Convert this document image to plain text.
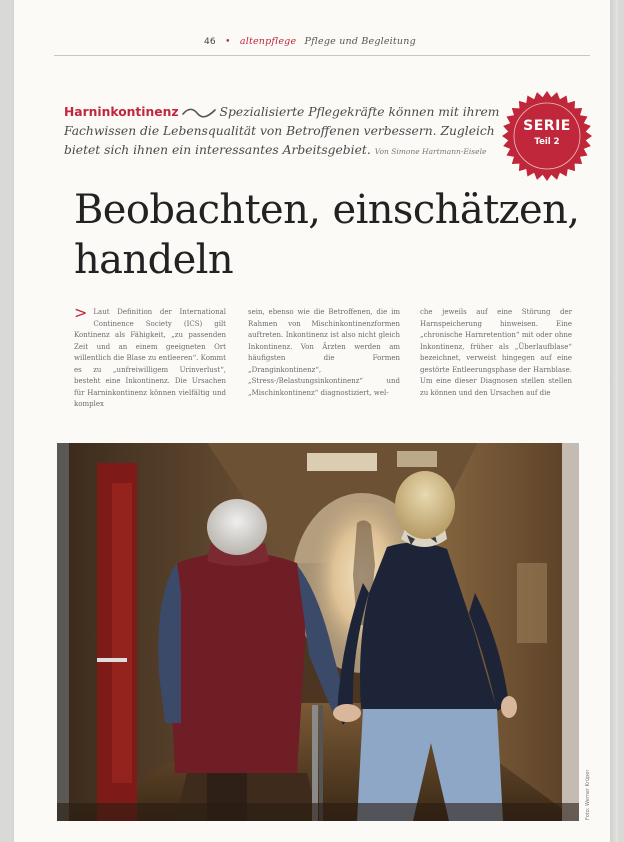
46 • altenpflege Pflege und Begleitung
Harninkontinenz	Spezialisierte Pflegekräfte können mit ihrem Fachwissen die Lebensqualität von Betroffenen verbessern. Zugleich bietet sich ihnen ein interessantes Arbeitsgebiet. Von Simone Hartmann-Eisele
SERIE
Teil 2
Beobachten, einschätzen,
handeln
> Laut Definition der International Continence Society (ICS) gilt Kontinenz als Fähigkeit, „zu passenden Zeit und an einem geeigneten Ort willentlich die Blase zu entleeren“. Kommt es zu „unfreiwilligem Urinverlust“, besteht eine Inkontinenz. Die Ursachen für Harninkontinenz können vielfältig und komplex

sein, ebenso wie die Betroffenen, die im Rahmen von Mischinkontinenzformen auftreten. Inkontinenz ist also nicht gleich Inkontinenz. Von Ärzten werden am häufigsten die Formen „Dranginkontinenz“, „Stress-/Belastungsinkontinenz“ und „Mischinkontinenz“ diagnostiziert, wel-

che jeweils auf eine Störung der Harnspeicherung hinweisen. Eine „chronische Harnretention“ mit oder ohne Inkontinenz, früher als „Überlaufblase“ bezeichnet, verweist hingegen auf eine gestörte Entleerungsphase der Harnblase. Um eine dieser Diagnosen stellen stellen zu können und den Ursachen auf die

Foto: Werner Krüper
